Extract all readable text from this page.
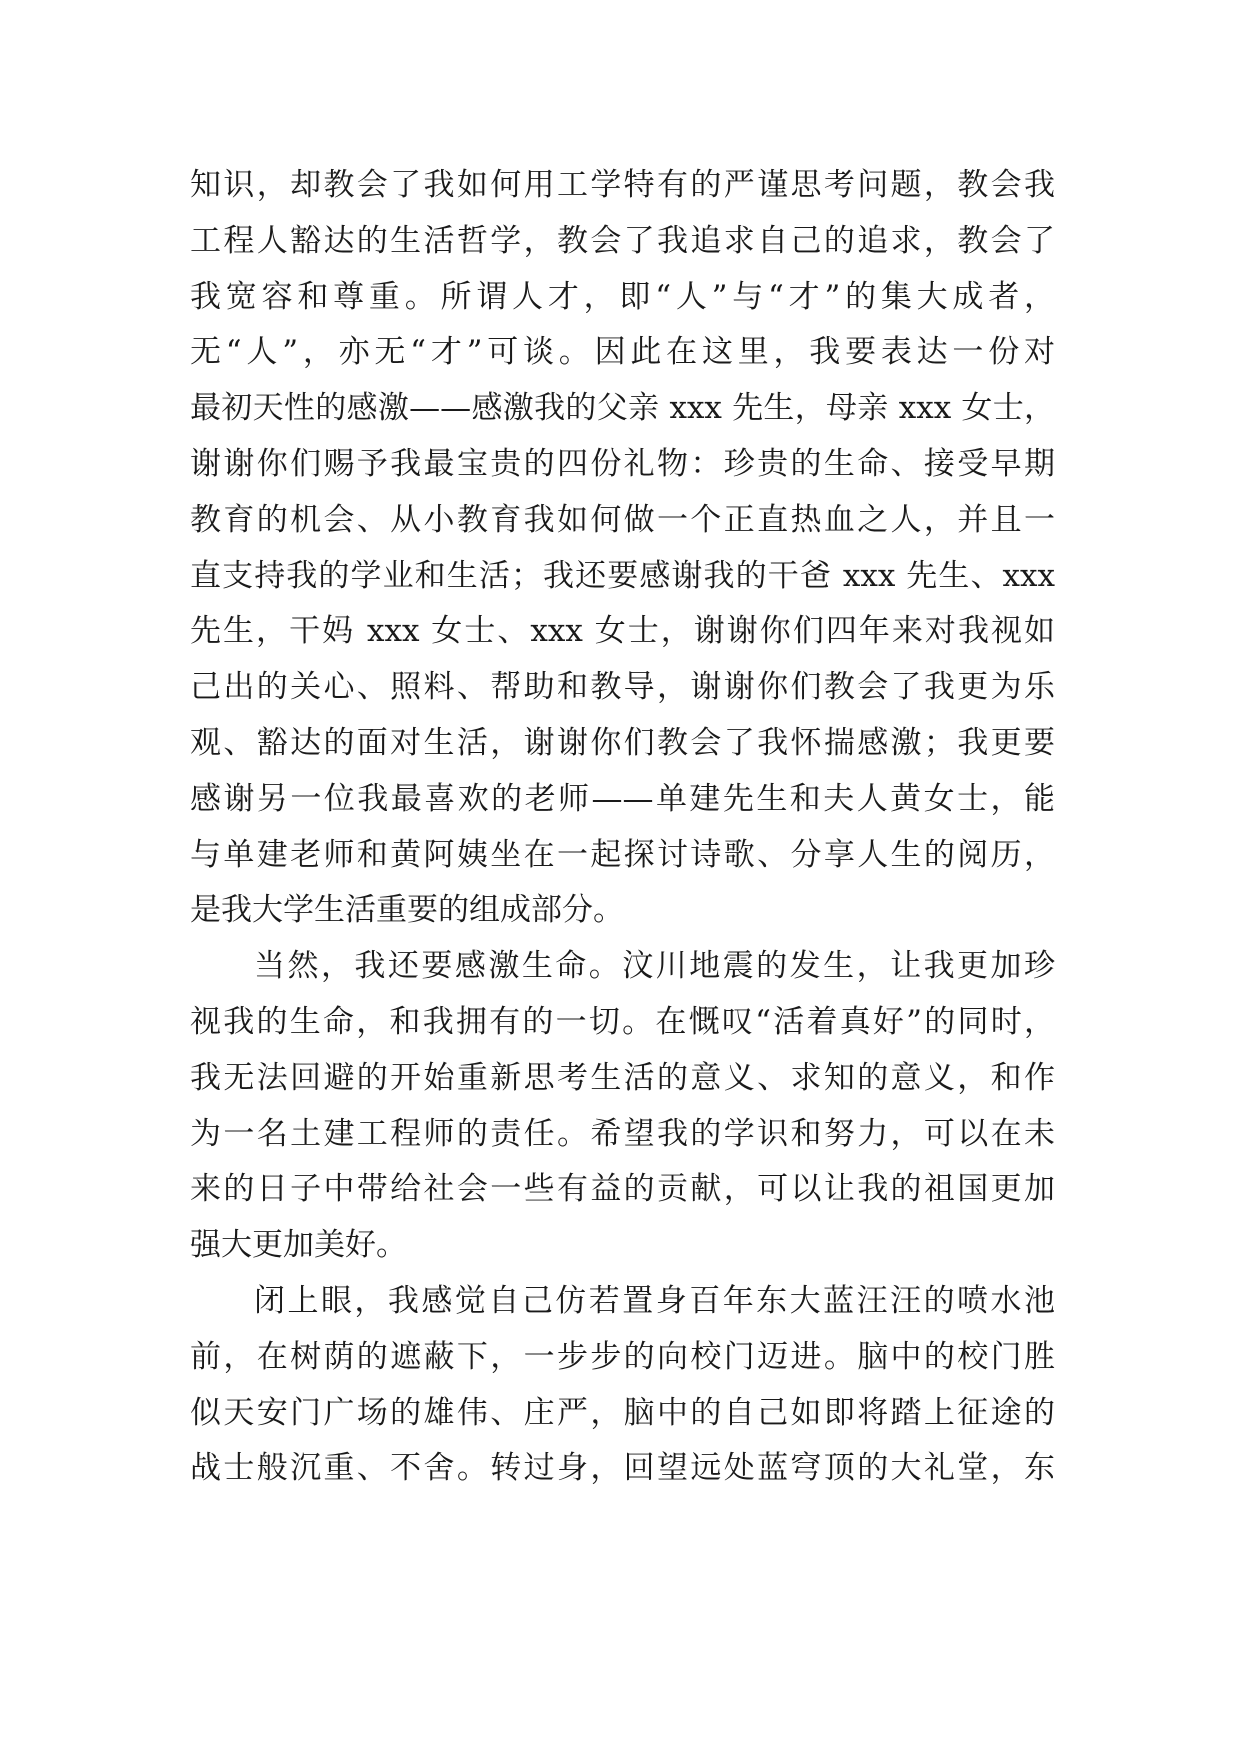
知识，却教会了我如何用工学特有的严谨思考问题，教会我
工程人豁达的生活哲学，教会了我追求自己的追求，教会了
我宽容和尊重。所谓人才，即“人”与“才”的集大成者，
无“人”，亦无“才”可谈。因此在这里，我要表达一份对
最初天性的感激——感激我的父亲 xxx 先生，母亲 xxx 女士，
谢谢你们赐予我最宝贵的四份礼物：珍贵的生命、接受早期
教育的机会、从小教育我如何做一个正直热血之人，并且一
直支持我的学业和生活；我还要感谢我的干爸 xxx 先生、xxx
先生，干妈 xxx 女士、xxx 女士，谢谢你们四年来对我视如
己出的关心、照料、帮助和教导，谢谢你们教会了我更为乐
观、豁达的面对生活，谢谢你们教会了我怀揣感激；我更要
感谢另一位我最喜欢的老师——单建先生和夫人黄女士，能
与单建老师和黄阿姨坐在一起探讨诗歌、分享人生的阅历，
是我大学生活重要的组成部分。
当然，我还要感激生命。汶川地震的发生，让我更加珍
视我的生命，和我拥有的一切。在慨叹“活着真好”的同时，
我无法回避的开始重新思考生活的意义、求知的意义，和作
为一名土建工程师的责任。希望我的学识和努力，可以在未
来的日子中带给社会一些有益的贡献，可以让我的祖国更加
强大更加美好。
闭上眼，我感觉自己仿若置身百年东大蓝汪汪的喷水池
前，在树荫的遮蔽下，一步步的向校门迈进。脑中的校门胜
似天安门广场的雄伟、庄严，脑中的自己如即将踏上征途的
战士般沉重、不舍。转过身，回望远处蓝穹顶的大礼堂，东
